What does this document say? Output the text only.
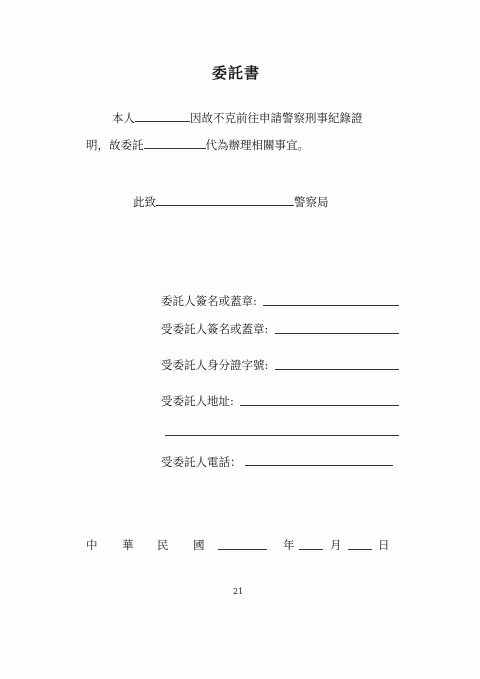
委託書
本人	因故不克前往申請警察刑事紀錄證
明，故委託	代為辦理相關事宜。
此致	警察局
委託人簽名或蓋章:
受委託人簽名或蓋章:
受委託人身分證字號:
受委託人地址:
受委託人電話：
中 華 民 國	年	月	日
21
